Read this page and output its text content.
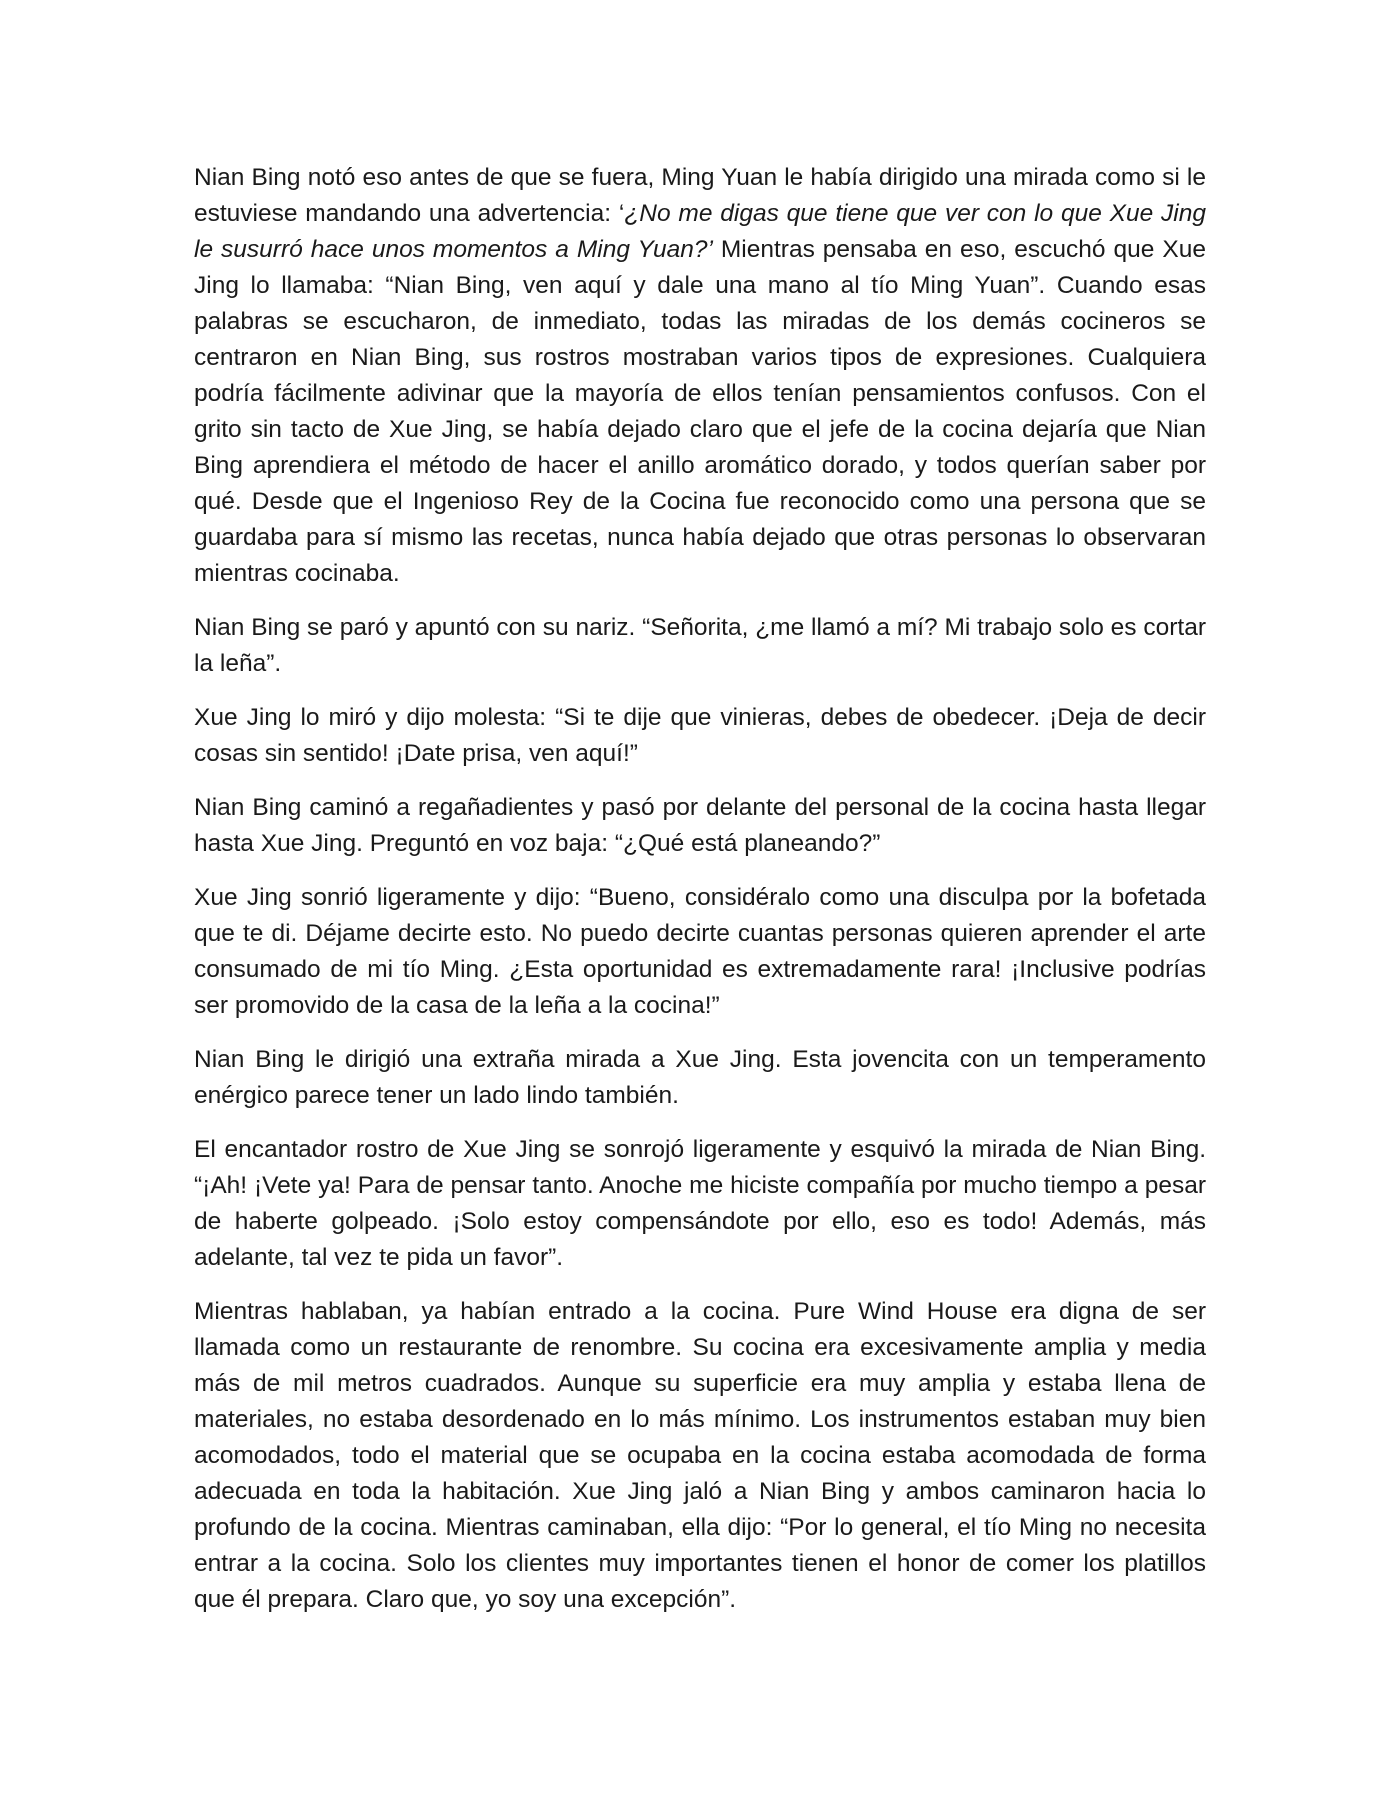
Nian Bing notó eso antes de que se fuera, Ming Yuan le había dirigido una mirada como si le estuviese mandando una advertencia: ‘¿No me digas que tiene que ver con lo que Xue Jing le susurró hace unos momentos a Ming Yuan?’ Mientras pensaba en eso, escuchó que Xue Jing lo llamaba: “Nian Bing, ven aquí y dale una mano al tío Ming Yuan”. Cuando esas palabras se escucharon, de inmediato, todas las miradas de los demás cocineros se centraron en Nian Bing, sus rostros mostraban varios tipos de expresiones. Cualquiera podría fácilmente adivinar que la mayoría de ellos tenían pensamientos confusos. Con el grito sin tacto de Xue Jing, se había dejado claro que el jefe de la cocina dejaría que Nian Bing aprendiera el método de hacer el anillo aromático dorado, y todos querían saber por qué. Desde que el Ingenioso Rey de la Cocina fue reconocido como una persona que se guardaba para sí mismo las recetas, nunca había dejado que otras personas lo observaran mientras cocinaba.

Nian Bing se paró y apuntó con su nariz. “Señorita, ¿me llamó a mí? Mi trabajo solo es cortar la leña”.

Xue Jing lo miró y dijo molesta: “Si te dije que vinieras, debes de obedecer. ¡Deja de decir cosas sin sentido! ¡Date prisa, ven aquí!”

Nian Bing caminó a regañadientes y pasó por delante del personal de la cocina hasta llegar hasta Xue Jing. Preguntó en voz baja: “¿Qué está planeando?”

Xue Jing sonrió ligeramente y dijo: “Bueno, considéralo como una disculpa por la bofetada que te di. Déjame decirte esto. No puedo decirte cuantas personas quieren aprender el arte consumado de mi tío Ming. ¿Esta oportunidad es extremadamente rara! ¡Inclusive podrías ser promovido de la casa de la leña a la cocina!”

Nian Bing le dirigió una extraña mirada a Xue Jing. Esta jovencita con un temperamento enérgico parece tener un lado lindo también.

El encantador rostro de Xue Jing se sonrojó ligeramente y esquivó la mirada de Nian Bing. “¡Ah! ¡Vete ya! Para de pensar tanto. Anoche me hiciste compañía por mucho tiempo a pesar de haberte golpeado. ¡Solo estoy compensándote por ello, eso es todo! Además, más adelante, tal vez te pida un favor”.

Mientras hablaban, ya habían entrado a la cocina. Pure Wind House era digna de ser llamada como un restaurante de renombre. Su cocina era excesivamente amplia y media más de mil metros cuadrados. Aunque su superficie era muy amplia y estaba llena de materiales, no estaba desordenado en lo más mínimo. Los instrumentos estaban muy bien acomodados, todo el material que se ocupaba en la cocina estaba acomodada de forma adecuada en toda la habitación. Xue Jing jaló a Nian Bing y ambos caminaron hacia lo profundo de la cocina. Mientras caminaban, ella dijo: “Por lo general, el tío Ming no necesita entrar a la cocina. Solo los clientes muy importantes tienen el honor de comer los platillos que él prepara. Claro que, yo soy una excepción”.
